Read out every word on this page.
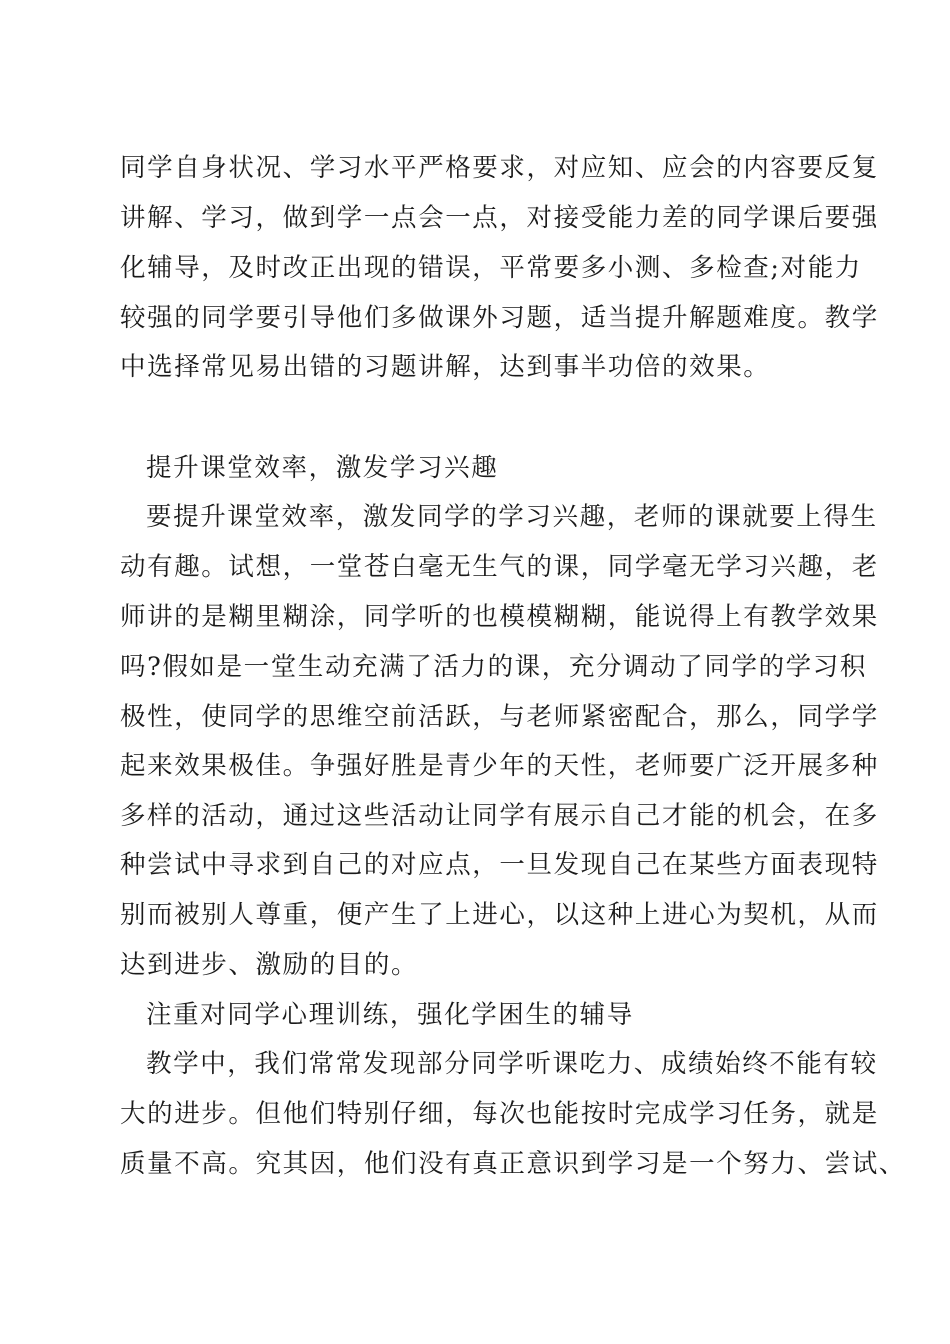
同学自身状况、学习水平严格要求，对应知、应会的内容要反复
讲解、学习，做到学一点会一点，对接受能力差的同学课后要强
化辅导，及时改正出现的错误，平常要多小测、多检查;对能力
较强的同学要引导他们多做课外习题，适当提升解题难度。教学
中选择常见易出错的习题讲解，达到事半功倍的效果。
提升课堂效率，激发学习兴趣
要提升课堂效率，激发同学的学习兴趣，老师的课就要上得生
动有趣。试想，一堂苍白毫无生气的课，同学毫无学习兴趣，老
师讲的是糊里糊涂，同学听的也模模糊糊，能说得上有教学效果
吗?假如是一堂生动充满了活力的课，充分调动了同学的学习积
极性，使同学的思维空前活跃，与老师紧密配合，那么，同学学
起来效果极佳。争强好胜是青少年的天性，老师要广泛开展多种
多样的活动，通过这些活动让同学有展示自己才能的机会，在多
种尝试中寻求到自己的对应点，一旦发现自己在某些方面表现特
别而被别人尊重，便产生了上进心，以这种上进心为契机，从而
达到进步、激励的目的。
注重对同学心理训练，强化学困生的辅导
教学中，我们常常发现部分同学听课吃力、成绩始终不能有较
大的进步。但他们特别仔细，每次也能按时完成学习任务，就是
质量不高。究其因，他们没有真正意识到学习是一个努力、尝试、
